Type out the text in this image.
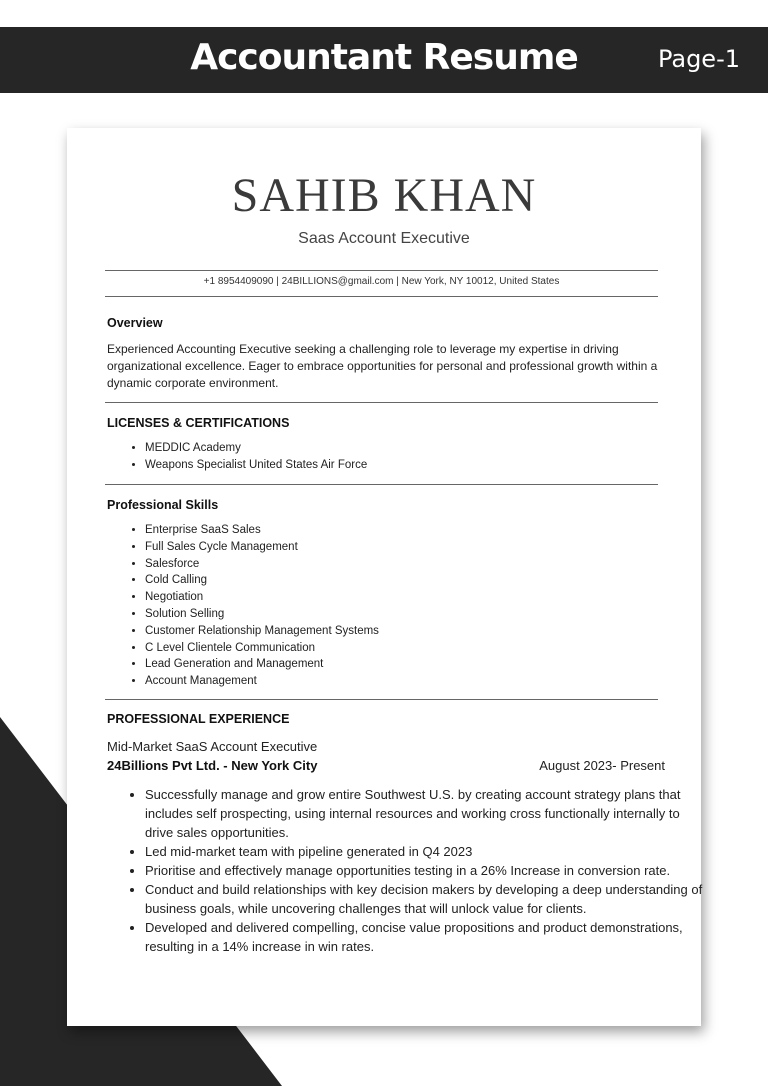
Accountant Resume	Page-1
SAHIB KHAN
Saas Account Executive
+1 8954409090 | 24BILLIONS@gmail.com | New York, NY 10012, United States
Overview
Experienced Accounting Executive seeking a challenging role to leverage my expertise in driving organizational excellence. Eager to embrace opportunities for personal and professional growth within a dynamic corporate environment.
LICENSES & CERTIFICATIONS
• MEDDIC Academy
• Weapons Specialist United States Air Force
Professional Skills
• Enterprise SaaS Sales
• Full Sales Cycle Management
• Salesforce
• Cold Calling
• Negotiation
• Solution Selling
• Customer Relationship Management Systems
• C Level Clientele Communication
• Lead Generation and Management
• Account Management
PROFESSIONAL EXPERIENCE
Mid-Market SaaS Account Executive
24Billions Pvt Ltd. - New York City	August 2023- Present
• Successfully manage and grow entire Southwest U.S. by creating account strategy plans that includes self prospecting, using internal resources and working cross functionally internally to drive sales opportunities.
• Led mid-market team with pipeline generated in Q4 2023
• Prioritise and effectively manage opportunities testing in a 26% Increase in conversion rate.
• Conduct and build relationships with key decision makers by developing a deep understanding of business goals, while uncovering challenges that will unlock value for clients.
• Developed and delivered compelling, concise value propositions and product demonstrations, resulting in a 14% increase in win rates.
